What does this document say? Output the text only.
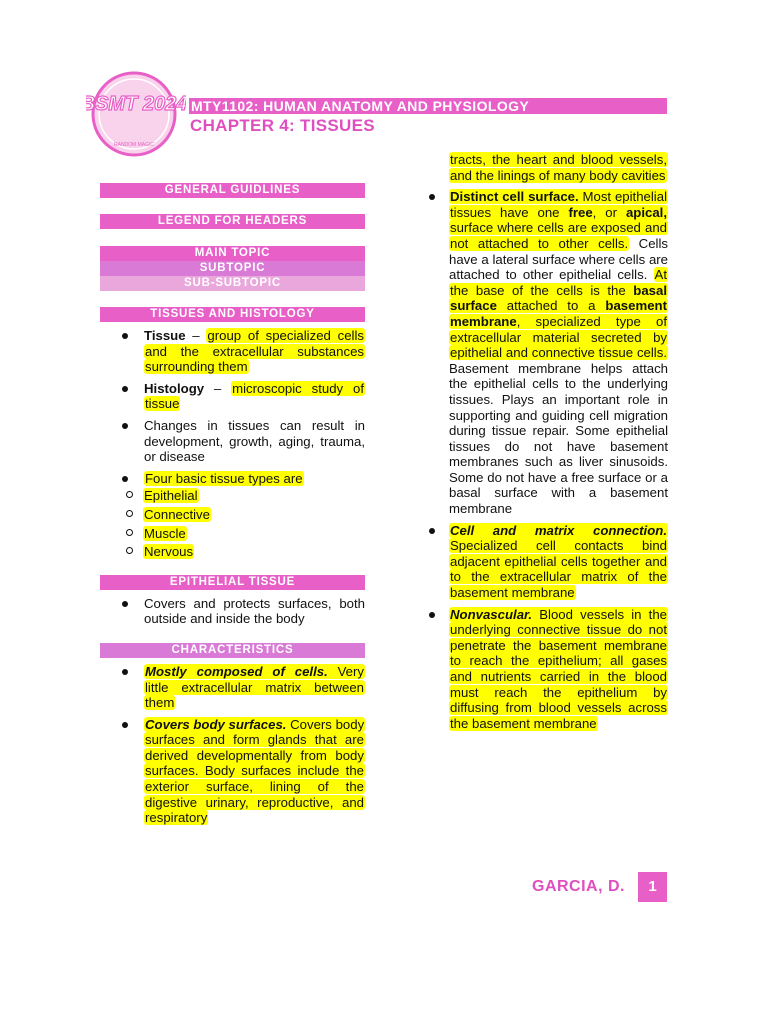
BSMT 2024
RANDOM MAGIC
MTY1102: HUMAN ANATOMY AND PHYSIOLOGY
CHAPTER 4: TISSUES
GENERAL GUIDLINES
LEGEND FOR HEADERS
MAIN TOPIC
SUBTOPIC
SUB-SUBTOPIC
TISSUES AND HISTOLOGY
Tissue – group of specialized cells and the extracellular substances surrounding them
Histology – microscopic study of tissue
Changes in tissues can result in development, growth, aging, trauma, or disease
Four basic tissue types are
Epithelial
Connective
Muscle
Nervous
EPITHELIAL TISSUE
Covers and protects surfaces, both outside and inside the body
CHARACTERISTICS
Mostly composed of cells. Very little extracellular matrix between them
Covers body surfaces. Covers body surfaces and form glands that are derived developmentally from body surfaces. Body surfaces include the exterior surface, lining of the digestive urinary, reproductive, and respiratory
tracts, the heart and blood vessels, and the linings of many body cavities
Distinct cell surface. Most epithelial tissues have one free, or apical, surface where cells are exposed and not attached to other cells. Cells have a lateral surface where cells are attached to other epithelial cells. At the base of the cells is the basal surface attached to a basement membrane, specialized type of extracellular material secreted by epithelial and connective tissue cells. Basement membrane helps attach the epithelial cells to the underlying tissues. Plays an important role in supporting and guiding cell migration during tissue repair. Some epithelial tissues do not have basement membranes such as liver sinusoids. Some do not have a free surface or a basal surface with a basement membrane
Cell and matrix connection. Specialized cell contacts bind adjacent epithelial cells together and to the extracellular matrix of the basement membrane
Nonvascular. Blood vessels in the underlying connective tissue do not penetrate the basement membrane to reach the epithelium; all gases and nutrients carried in the blood must reach the epithelium by diffusing from blood vessels across the basement membrane
GARCIA, D.	1
